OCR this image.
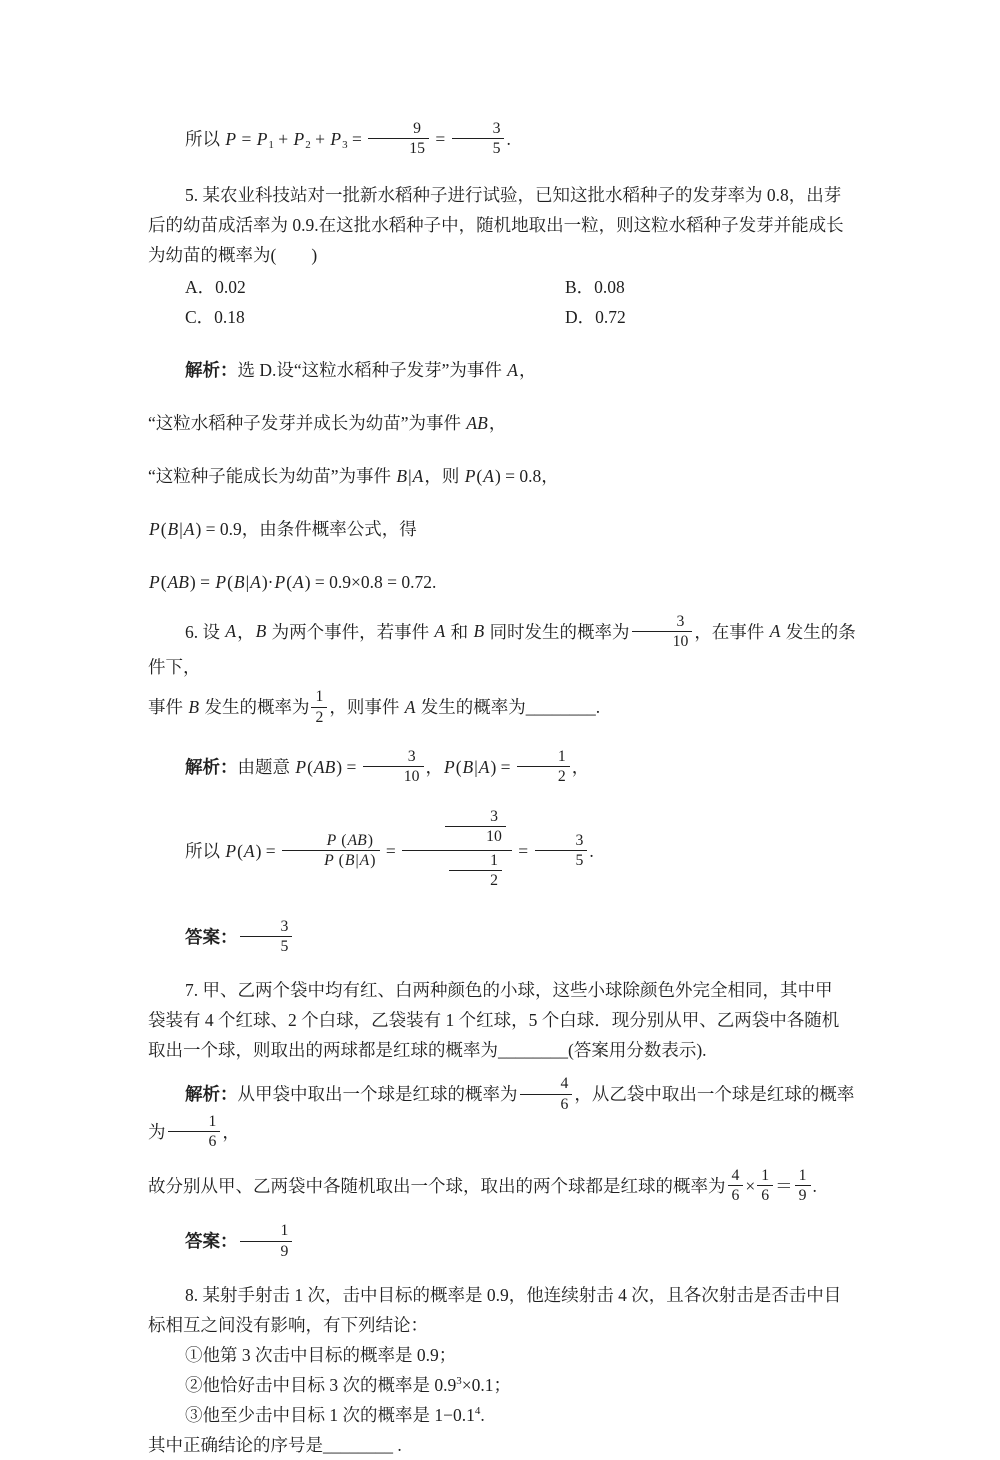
所以 $P = P_1 + P_2 + P_3 = \frac{9}{15} = \frac{3}{5}$ .
5. 某农业科技站对一批新水稻种子进行试验，已知这批水稻种子的发芽率为 0.8，出芽
后的幼苗成活率为 0.9.在这批水稻种子中，随机地取出一粒，则这粒水稻种子发芽并能成长
为幼苗的概率为(　　)
A．0.02	B．0.08
C．0.18	D．0.72
解析：选 D.设“这粒水稻种子发芽”为事件 A，
“这粒水稻种子发芽并成长为幼苗”为事件 AB，
“这粒种子能成长为幼苗”为事件 B|A，则 P(A) = 0.8，
P(B|A) = 0.9，由条件概率公式，得
P(AB) = P(B|A)·P(A) = 0.9×0.8 = 0.72.
6. 设 A，B 为两个事件，若事件 A 和 B 同时发生的概率为 $\frac{3}{10}$ ，在事件 A 发生的条件下，
事件 B 发生的概率为 $\frac{1}{2}$ ，则事件 A 发生的概率为________.
解析：由题意 $P(AB) = \frac{3}{10}$ ，$P(B|A) = \frac{1}{2}$ ，
所以 $P(A) = \frac{P (AB)}{P (B|A)} = \frac{\frac{3}{10}}{\frac{1}{2}} = \frac{3}{5}$ .
答案： $\frac{3}{5}$
7. 甲、乙两个袋中均有红、白两种颜色的小球，这些小球除颜色外完全相同，其中甲
袋装有 4 个红球、2 个白球，乙袋装有 1 个红球，5 个白球．现分别从甲、乙两袋中各随机
取出一个球，则取出的两球都是红球的概率为________(答案用分数表示).
解析：从甲袋中取出一个球是红球的概率为 $\frac{4}{6}$ ，从乙袋中取出一个球是红球的概率为 $\frac{1}{6}$ ，
故分别从甲、乙两袋中各随机取出一个球，取出的两个球都是红球的概率为 $\frac{4}{6} \times \frac{1}{6} = \frac{1}{9}$ .
答案： $\frac{1}{9}$
8. 某射手射击 1 次，击中目标的概率是 0.9，他连续射击 4 次，且各次射击是否击中目
标相互之间没有影响，有下列结论：
①他第 3 次击中目标的概率是 0.9；
②他恰好击中目标 3 次的概率是 $0.9^3\times 0.1$；
③他至少击中目标 1 次的概率是 $1-0.1^4$.
其中正确结论的序号是________ .
